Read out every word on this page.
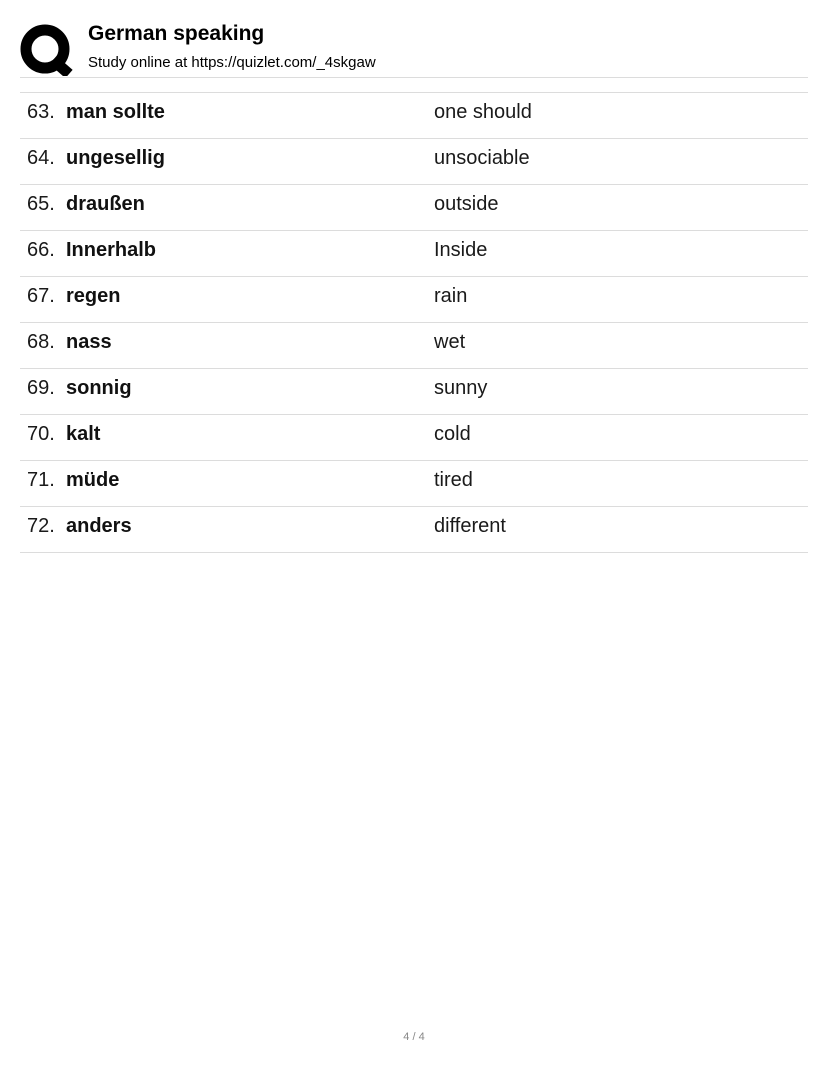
German speaking
Study online at https://quizlet.com/_4skgaw
63. man sollte	one should
64. ungesellig	unsociable
65. draußen	outside
66. Innerhalb	Inside
67. regen	rain
68. nass	wet
69. sonnig	sunny
70. kalt	cold
71. müde	tired
72. anders	different
4 / 4
